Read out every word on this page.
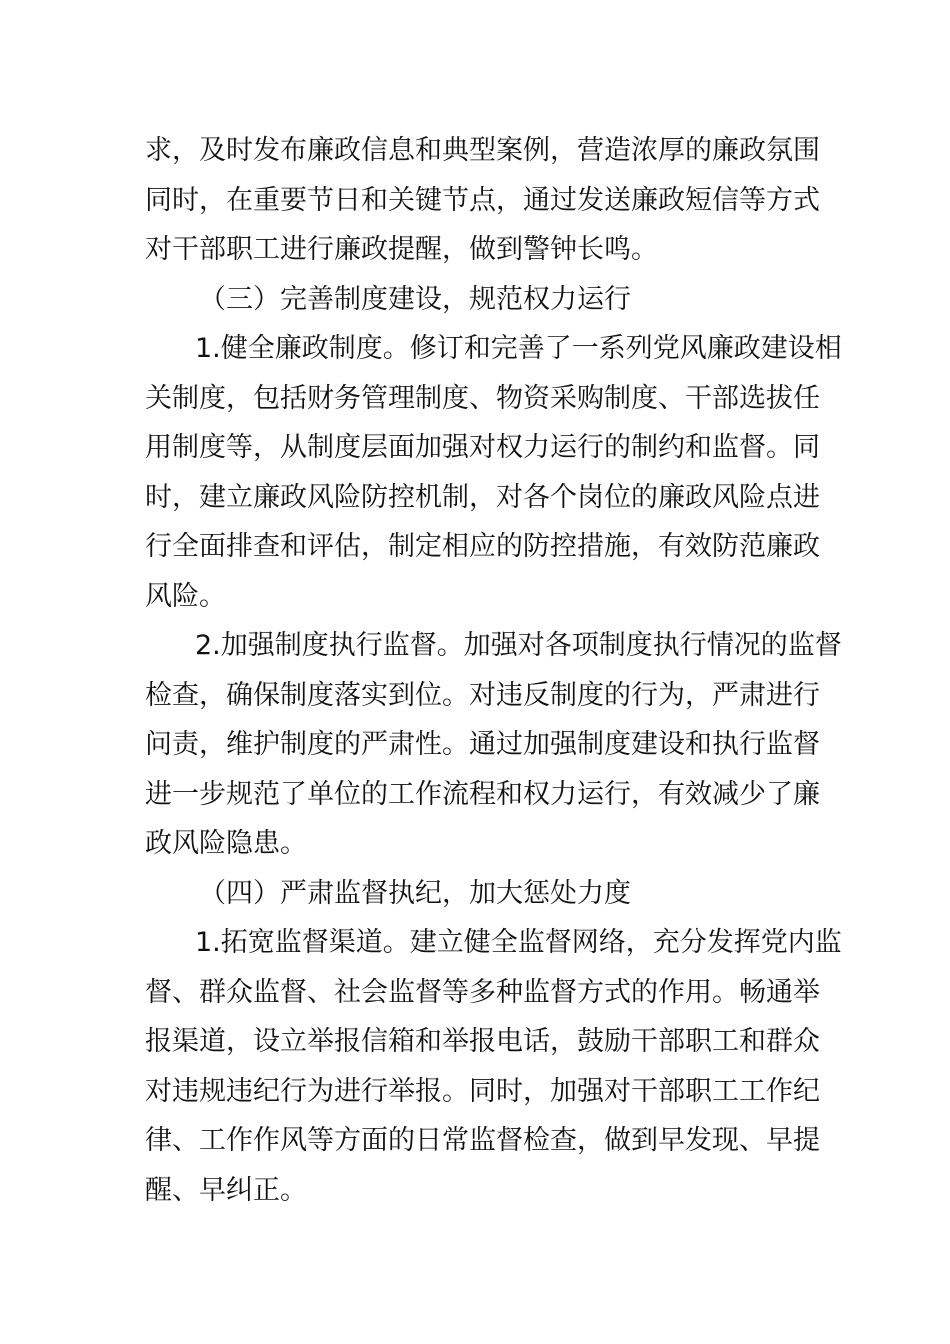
求，及时发布廉政信息和典型案例，营造浓厚的廉政氛围
同时，在重要节日和关键节点，通过发送廉政短信等方式
对干部职工进行廉政提醒，做到警钟长鸣。
（三）完善制度建设，规范权力运行
1.健全廉政制度。修订和完善了一系列党风廉政建设相
关制度，包括财务管理制度、物资采购制度、干部选拔任
用制度等，从制度层面加强对权力运行的制约和监督。同
时，建立廉政风险防控机制，对各个岗位的廉政风险点进
行全面排查和评估，制定相应的防控措施，有效防范廉政
风险。
2.加强制度执行监督。加强对各项制度执行情况的监督
检查，确保制度落实到位。对违反制度的行为，严肃进行
问责，维护制度的严肃性。通过加强制度建设和执行监督
进一步规范了单位的工作流程和权力运行，有效减少了廉
政风险隐患。
（四）严肃监督执纪，加大惩处力度
1.拓宽监督渠道。建立健全监督网络，充分发挥党内监
督、群众监督、社会监督等多种监督方式的作用。畅通举
报渠道，设立举报信箱和举报电话，鼓励干部职工和群众
对违规违纪行为进行举报。同时，加强对干部职工工作纪
律、工作作风等方面的日常监督检查，做到早发现、早提
醒、早纠正。
